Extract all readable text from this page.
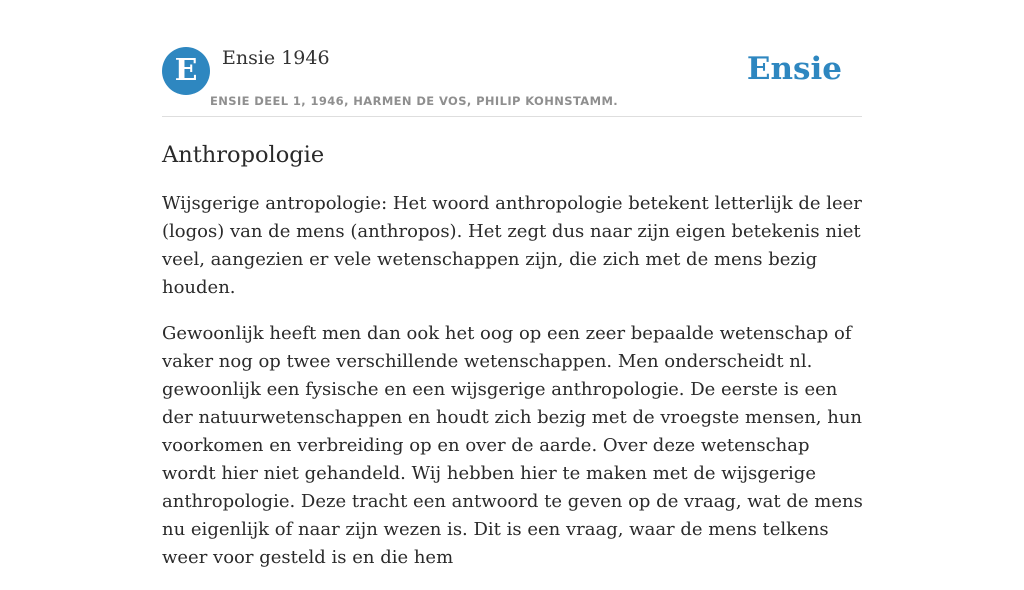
E	Ensie 1946
ENSIE DEEL 1, 1946, HARMEN DE VOS, PHILIP KOHNSTAMM.
Ensie
Anthropologie

Wijsgerige antropologie: Het woord anthropologie betekent letterlijk de leer (logos) van de mens (anthropos). Het zegt dus naar zijn eigen betekenis niet veel, aangezien er vele wetenschappen zijn, die zich met de mens bezig houden.

Gewoonlijk heeft men dan ook het oog op een zeer bepaalde wetenschap of vaker nog op twee verschillende wetenschappen. Men onderscheidt nl. gewoonlijk een fysische en een wijsgerige anthropologie. De eerste is een der natuurwetenschappen en houdt zich bezig met de vroegste mensen, hun voorkomen en verbreiding op en over de aarde. Over deze wetenschap wordt hier niet gehandeld. Wij hebben hier te maken met de wijsgerige anthropologie. Deze tracht een antwoord te geven op de vraag, wat de mens nu eigenlijk of naar zijn wezen is. Dit is een vraag, waar de mens telkens weer voor gesteld is en die hem
